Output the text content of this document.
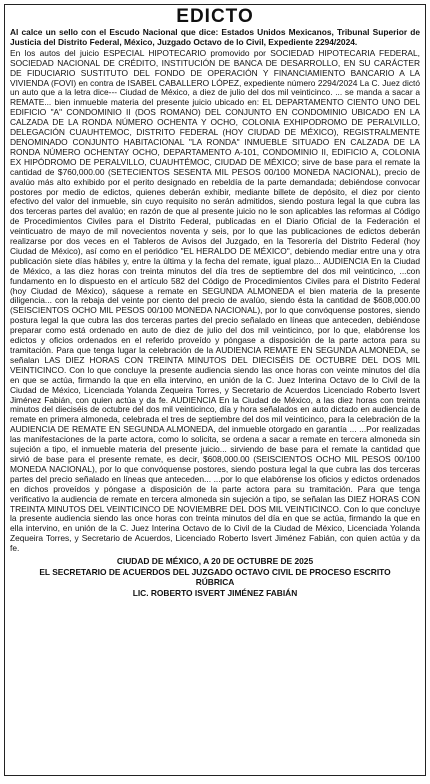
EDICTO

Al calce un sello con el Escudo Nacional que dice: Estados Unidos Mexicanos, Tribunal Superior de Justicia del Distrito Federal, México, Juzgado Octavo de lo Civil, Expediente 2294/2024.

En los autos del juicio ESPECIAL HIPOTECARIO promovido por SOCIEDAD HIPOTECARIA FEDERAL, SOCIEDAD NACIONAL DE CRÉDITO, INSTITUCIÓN DE BANCA DE DESARROLLO, EN SU CARÁCTER DE FIDUCIARIO SUSTITUTO DEL FONDO DE OPERACIÓN Y FINANCIAMIENTO BANCARIO A LA VIVIENDA (FOVI) en contra de ISABEL CABALLERO LÓPEZ, expediente número 2294/2024 La C. Juez dictó un auto que a la letra dice--- Ciudad de México, a diez de julio del dos mil veinticinco. ... se manda a sacar a REMATE... bien inmueble materia del presente juicio ubicado en: EL DEPARTAMENTO CIENTO UNO DEL EDIFICIO "A" CONDOMINIO II (DOS ROMANO) DEL CONJUNTO EN CONDOMINIO UBICADO EN LA CALZADA DE LA RONDA NÚMERO OCHENTA Y OCHO, COLONIA EXHIPODROMO DE PERALVILLO, DELEGACIÓN CUAUHTEMOC, DISTRITO FEDERAL (HOY CIUDAD DE MÉXICO), REGISTRALMENTE DENOMINADO CONJUNTO HABITACIONAL "LA RONDA" INMUEBLE SITUADO EN CALZADA DE LA RONDA NÚMERO OCHENTAY OCHO, DEPARTAMENTO A-101, CONDOMINIO II, EDIFICIO A, COLONIA EX HIPÓDROMO DE PERALVILLO, CUAUHTÉMOC, CIUDAD DE MÉXICO; sirve de base para el remate la cantidad de $760,000.00 (SETECIENTOS SESENTA MIL PESOS 00/100 MONEDA NACIONAL), precio de avalúo más alto exhibido por el perito designado en rebeldía de la parte demandada; debiéndose convocar postores por medio de edictos, quienes deberán exhibir, mediante billete de depósito, el diez por ciento efectivo del valor del inmueble, sin cuyo requisito no serán admitidos, siendo postura legal la que cubra las dos terceras partes del avalúo; en razón de que al presente juicio no le son aplicables las reformas al Código de Procedimientos Civiles para el Distrito Federal, publicadas en el Diario Oficial de la Federación el veinticuatro de mayo de mil novecientos noventa y seis, por lo que las publicaciones de edictos deberán realizarse por dos veces en el Tableros de Avisos del Juzgado, en la Tesorería del Distrito Federal (hoy Ciudad de México), así como en el periódico "EL HERALDO DE MÉXICO", debiendo mediar entre una y otra publicación siete días hábiles y, entre la última y la fecha del remate, igual plazo... AUDIENCIA En la Ciudad de México, a las diez horas con treinta minutos del día tres de septiembre del dos mil veinticinco, ...con fundamento en lo dispuesto en el artículo 582 del Código de Procedimientos Civiles para el Distrito Federal (hoy Ciudad de México), sáquese a remate en SEGUNDA ALMONEDA el bien materia de la presente diligencia... con la rebaja del veinte por ciento del precio de avalúo, siendo ésta la cantidad de $608,000.00 (SEISCIENTOS OCHO MIL PESOS 00/100 MONEDA NACIONAL), por lo que convóquense postores, siendo postura legal la que cubra las dos terceras partes del precio señalado en líneas que anteceden, debiéndose preparar como está ordenado en auto de diez de julio del dos mil veinticinco, por lo que, elabórense los edictos y oficios ordenados en el referido proveído y póngase a disposición de la parte actora para su tramitación. Para que tenga lugar la celebración de la AUDIENCIA REMATE EN SEGUNDA ALMONEDA, se señalan LAS DIEZ HORAS CON TREINTA MINUTOS DEL DIECISÉIS DE OCTUBRE DEL DOS MIL VEINTICINCO. Con lo que concluye la presente audiencia siendo las once horas con veinte minutos del día en que se actúa, firmando la que en ella intervino, en unión de la C. Juez Interina Octavo de lo Civil de la Ciudad de México, Licenciada Yolanda Zequeira Torres, y Secretario de Acuerdos Licenciado Roberto Isvert Jiménez Fabián, con quien actúa y da fe. AUDIENCIA En la Ciudad de México, a las diez horas con treinta minutos del dieciséis de octubre del dos mil veinticinco, día y hora señalados en auto dictado en audiencia de remate en primera almoneda, celebrada el tres de septiembre del dos mil veinticinco, para la celebración de la AUDIENCIA DE REMATE EN SEGUNDA ALMONEDA, del inmueble otorgado en garantía ... ...Por realizadas las manifestaciones de la parte actora, como lo solicita, se ordena a sacar a remate en tercera almoneda sin sujeción a tipo, el inmueble materia del presente juicio... sirviendo de base para el remate la cantidad que sirvió de base para el presente remate, es decir, $608,000.00 (SEISCIENTOS OCHO MIL PESOS 00/100 MONEDA NACIONAL), por lo que convóquense postores, siendo postura legal la que cubra las dos terceras partes del precio señalado en líneas que anteceden... ...por lo que elabórense los oficios y edictos ordenados en dichos proveídos y póngase a disposición de la parte actora para su tramitación. Para que tenga verificativo la audiencia de remate en tercera almoneda sin sujeción a tipo, se señalan las DIEZ HORAS CON TREINTA MINUTOS DEL VEINTICINCO DE NOVIEMBRE DEL DOS MIL VEINTICINCO. Con lo que concluye la presente audiencia siendo las once horas con treinta minutos del día en que se actúa, firmando la que en ella intervino, en unión de la C. Juez Interina Octavo de lo Civil de la Ciudad de México, Licenciada Yolanda Zequeira Torres, y Secretario de Acuerdos, Licenciado Roberto Isvert Jiménez Fabián, con quien actúa y da fe.

CIUDAD DE MÉXICO, A 20 DE OCTUBRE DE 2025
EL SECRETARIO DE ACUERDOS DEL JUZGADO OCTAVO CIVIL DE PROCESO ESCRITO
RÚBRICA
LIC. ROBERTO ISVERT JIMÉNEZ FABIÁN
